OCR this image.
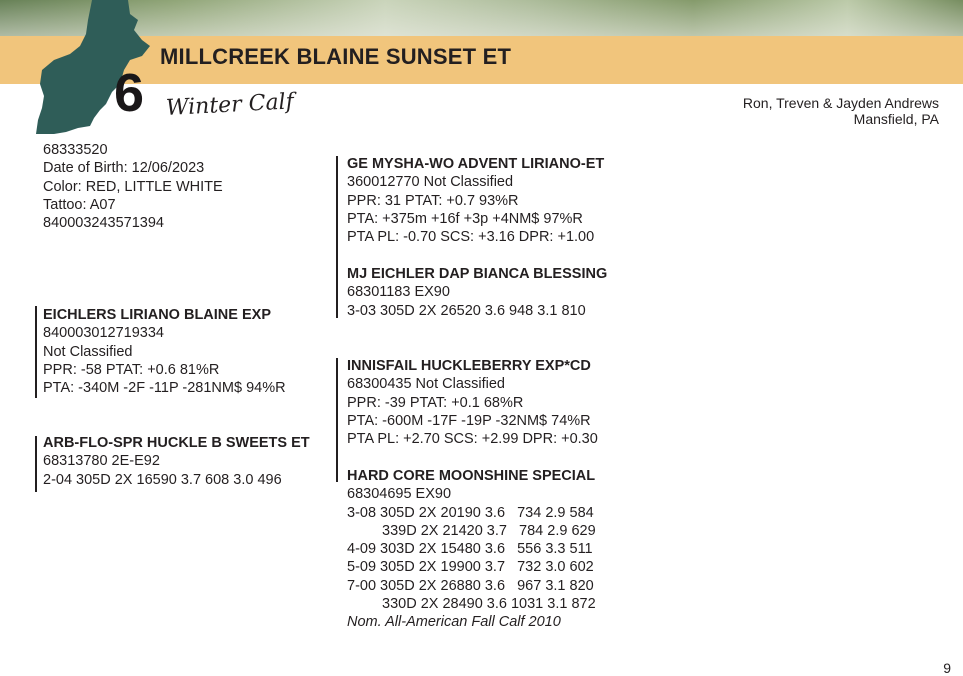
MILLCREEK BLAINE SUNSET ET
6 Winter Calf	Ron, Treven & Jayden Andrews
Mansfield, PA
68333520
Date of Birth: 12/06/2023
Color: RED, LITTLE WHITE
Tattoo: A07
840003243571394
EICHLERS LIRIANO BLAINE EXP
840003012719334
Not Classified
PPR: -58 PTAT: +0.6 81%R
PTA: -340M -2F -11P -281NM$ 94%R
ARB-FLO-SPR HUCKLE B SWEETS ET
68313780 2E-E92
2-04 305D 2X 16590 3.7 608 3.0 496
GE MYSHA-WO ADVENT LIRIANO-ET
360012770 Not Classified
PPR: 31 PTAT: +0.7 93%R
PTA: +375m +16f +3p +4NM$ 97%R
PTA PL: -0.70 SCS: +3.16 DPR: +1.00
MJ EICHLER DAP BIANCA BLESSING
68301183 EX90
3-03 305D 2X 26520 3.6 948 3.1 810
INNISFAIL HUCKLEBERRY EXP*CD
68300435 Not Classified
PPR: -39 PTAT: +0.1 68%R
PTA: -600M -17F -19P -32NM$ 74%R
PTA PL: +2.70 SCS: +2.99 DPR: +0.30
HARD CORE MOONSHINE SPECIAL
68304695 EX90
3-08 305D 2X 20190 3.6   734 2.9 584
339D 2X 21420 3.7   784 2.9 629
4-09 303D 2X 15480 3.6   556 3.3 511
5-09 305D 2X 19900 3.7   732 3.0 602
7-00 305D 2X 26880 3.6   967 3.1 820
330D 2X 28490 3.6 1031 3.1 872
Nom. All-American Fall Calf 2010
9
